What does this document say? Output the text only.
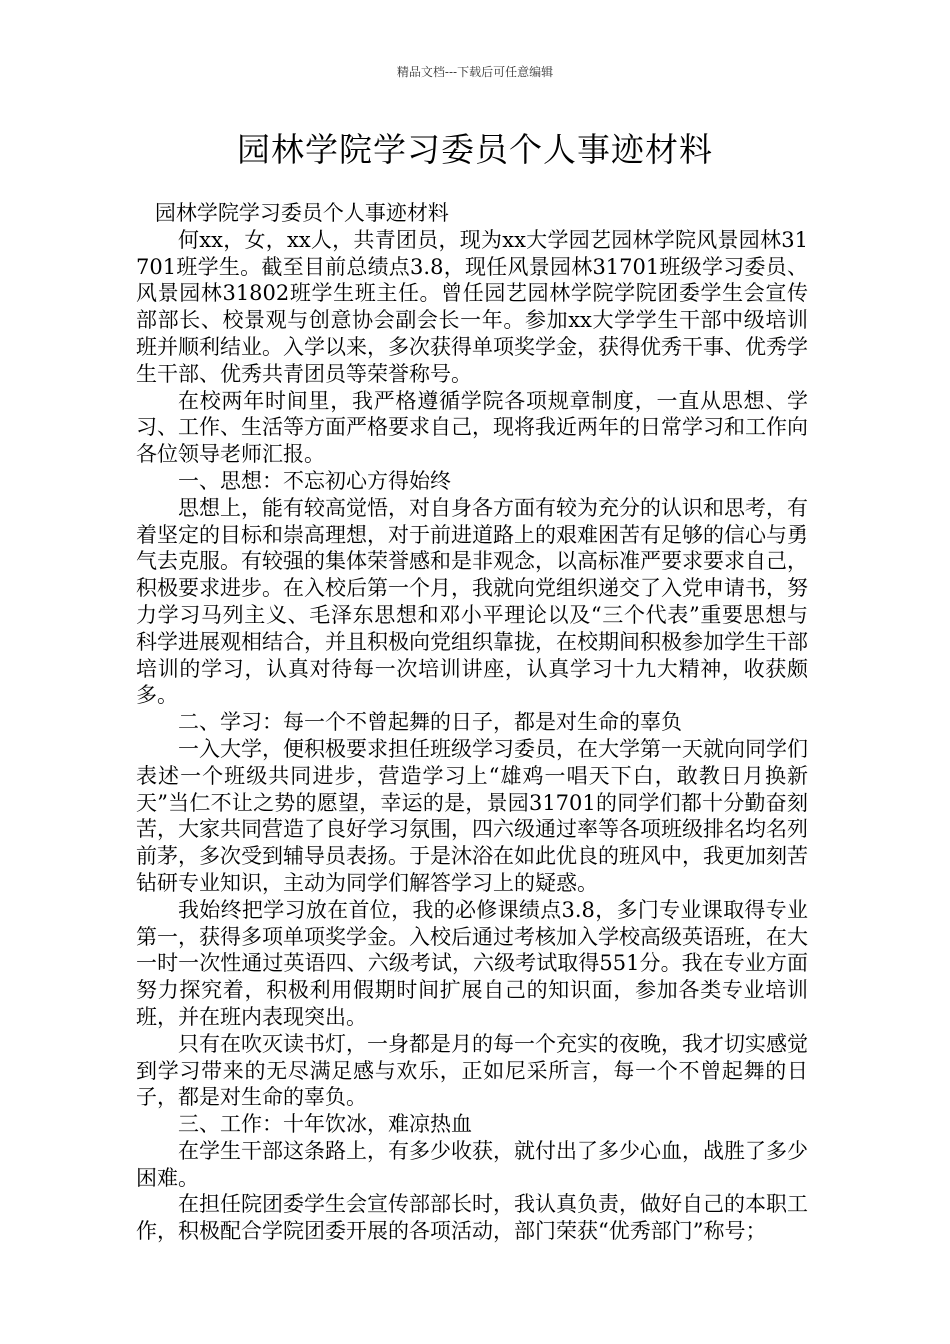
精品文档---下载后可任意编辑
园林学院学习委员个人事迹材料

园林学院学习委员个人事迹材料

何xx，女，xx人，共青团员，现为xx大学园艺园林学院风景园林31701班学生。截至目前总绩点3.8，现任风景园林31701班级学习委员、风景园林31802班学生班主任。曾任园艺园林学院学院团委学生会宣传部部长、校景观与创意协会副会长一年。参加xx大学学生干部中级培训班并顺利结业。入学以来，多次获得单项奖学金，获得优秀干事、优秀学生干部、优秀共青团员等荣誉称号。

在校两年时间里，我严格遵循学院各项规章制度，一直从思想、学习、工作、生活等方面严格要求自己，现将我近两年的日常学习和工作向各位领导老师汇报。

一、思想：不忘初心方得始终

思想上，能有较高觉悟，对自身各方面有较为充分的认识和思考，有着坚定的目标和崇高理想，对于前进道路上的艰难困苦有足够的信心与勇气去克服。有较强的集体荣誉感和是非观念，以高标准严要求要求自己，积极要求进步。在入校后第一个月，我就向党组织递交了入党申请书，努力学习马列主义、毛泽东思想和邓小平理论以及“三个代表”重要思想与科学进展观相结合，并且积极向党组织靠拢，在校期间积极参加学生干部培训的学习，认真对待每一次培训讲座，认真学习十九大精神，收获颇多。

二、学习：每一个不曾起舞的日子，都是对生命的辜负

一入大学，便积极要求担任班级学习委员，在大学第一天就向同学们表述一个班级共同进步，营造学习上“雄鸡一唱天下白，敢教日月换新天”当仁不让之势的愿望，幸运的是，景园31701的同学们都十分勤奋刻苦，大家共同营造了良好学习氛围，四六级通过率等各项班级排名均名列前茅，多次受到辅导员表扬。于是沐浴在如此优良的班风中，我更加刻苦钻研专业知识，主动为同学们解答学习上的疑惑。

我始终把学习放在首位，我的必修课绩点3.8，多门专业课取得专业第一，获得多项单项奖学金。入校后通过考核加入学校高级英语班，在大一时一次性通过英语四、六级考试，六级考试取得551分。我在专业方面努力探究着，积极利用假期时间扩展自己的知识面，参加各类专业培训班，并在班内表现突出。

只有在吹灭读书灯，一身都是月的每一个充实的夜晚，我才切实感觉到学习带来的无尽满足感与欢乐，正如尼采所言，每一个不曾起舞的日子，都是对生命的辜负。

三、工作：十年饮冰，难凉热血

在学生干部这条路上，有多少收获，就付出了多少心血，战胜了多少困难。

在担任院团委学生会宣传部部长时，我认真负责，做好自己的本职工作，积极配合学院团委开展的各项活动，部门荣获“优秀部门”称号；
